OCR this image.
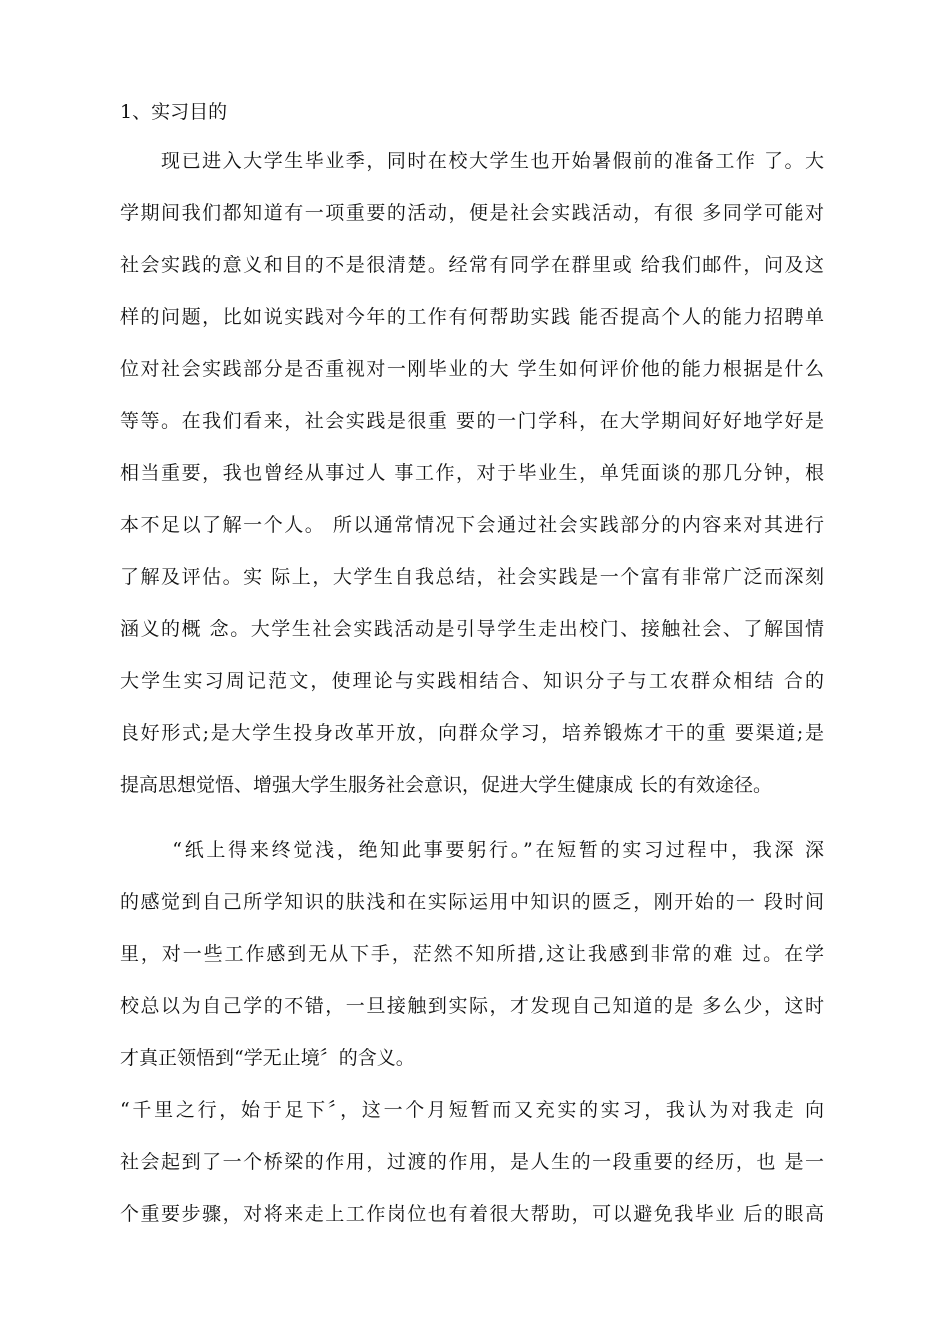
1、实习目的
　　现已进入大学生毕业季，同时在校大学生也开始暑假前的准备工作 了。大
学期间我们都知道有一项重要的活动，便是社会实践活动，有很 多同学可能对
社会实践的意义和目的不是很清楚。经常有同学在群里或 给我们邮件，问及这
样的问题，比如说实践对今年的工作有何帮助实践 能否提高个人的能力招聘单
位对社会实践部分是否重视对一刚毕业的大 学生如何评价他的能力根据是什么
等等。在我们看来，社会实践是很重 要的一门学科，在大学期间好好地学好是
相当重要，我也曾经从事过人 事工作，对于毕业生，单凭面谈的那几分钟，根
本不足以了解一个人。 所以通常情况下会通过社会实践部分的内容来对其进行
了解及评估。实 际上，大学生自我总结，社会实践是一个富有非常广泛而深刻
涵义的概 念。大学生社会实践活动是引导学生走出校门、接触社会、了解国情
大学生实习周记范文，使理论与实践相结合、知识分子与工农群众相结 合的
良好形式;是大学生投身改革开放，向群众学习，培养锻炼才干的重 要渠道;是
提高思想觉悟、增强大学生服务社会意识，促进大学生健康成 长的有效途径。
　　 “纸上得来终觉浅，绝知此事要躬行。”在短暂的实习过程中，我深 深
的感觉到自己所学知识的肤浅和在实际运用中知识的匮乏，刚开始的一 段时间
里，对一些工作感到无从下手，茫然不知所措,这让我感到非常的难 过。在学
校总以为自己学的不错，一旦接触到实际，才发现自己知道的是 多么少，这时
才真正领悟到“学无止境〞的含义。
“千里之行，始于足下〞，这一个月短暂而又充实的实习，我认为对我走 向
社会起到了一个桥梁的作用，过渡的作用，是人生的一段重要的经历，也 是一
个重要步骤，对将来走上工作岗位也有着很大帮助，可以避免我毕业 后的眼高
